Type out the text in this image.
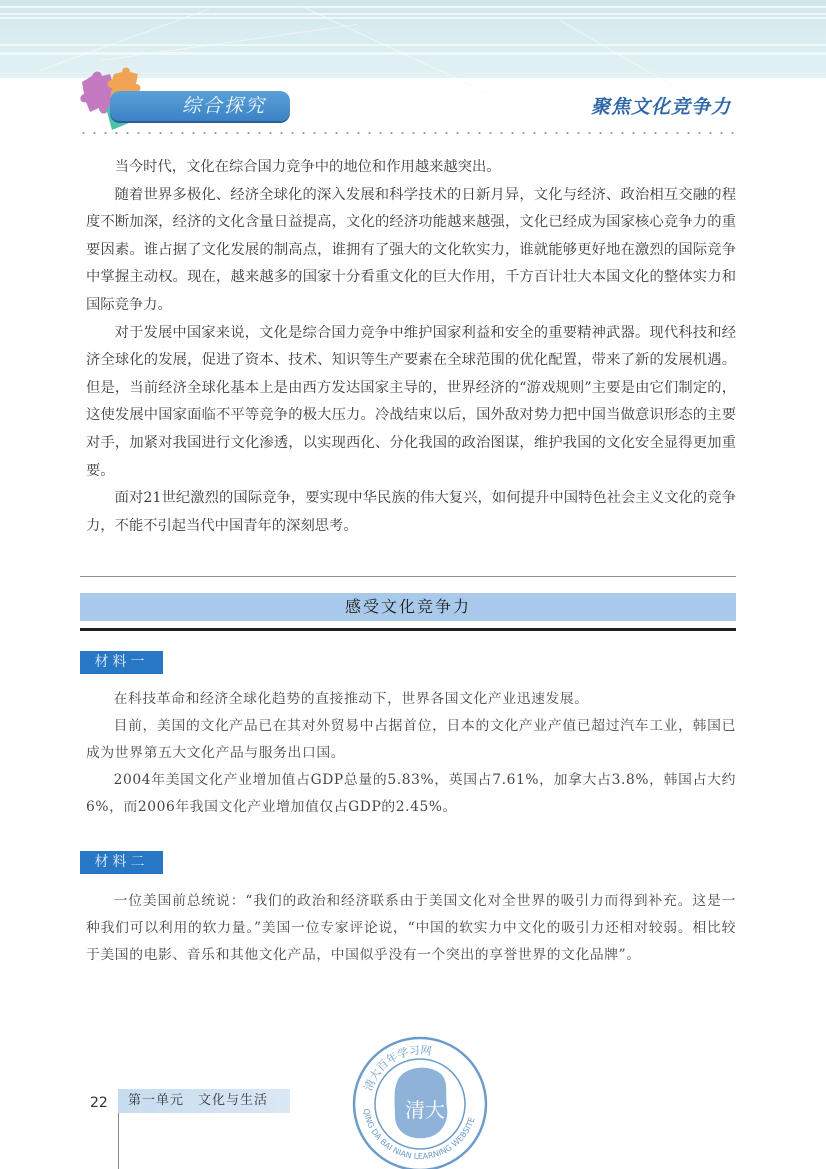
综合探究	聚焦文化竞争力

当今时代，文化在综合国力竞争中的地位和作用越来越突出。

随着世界多极化、经济全球化的深入发展和科学技术的日新月异，文化与经济、政治相互交融的程度不断加深，经济的文化含量日益提高，文化的经济功能越来越强，文化已经成为国家核心竞争力的重要因素。谁占据了文化发展的制高点，谁拥有了强大的文化软实力，谁就能够更好地在激烈的国际竞争中掌握主动权。现在，越来越多的国家十分看重文化的巨大作用，千方百计壮大本国文化的整体实力和国际竞争力。

对于发展中国家来说，文化是综合国力竞争中维护国家利益和安全的重要精神武器。现代科技和经济全球化的发展，促进了资本、技术、知识等生产要素在全球范围的优化配置，带来了新的发展机遇。但是，当前经济全球化基本上是由西方发达国家主导的，世界经济的“游戏规则”主要是由它们制定的，这使发展中国家面临不平等竞争的极大压力。冷战结束以后，国外敌对势力把中国当做意识形态的主要对手，加紧对我国进行文化渗透，以实现西化、分化我国的政治图谋，维护我国的文化安全显得更加重要。

面对21世纪激烈的国际竞争，要实现中华民族的伟大复兴，如何提升中国特色社会主义文化的竞争力，不能不引起当代中国青年的深刻思考。

感受文化竞争力
材料一

在科技革命和经济全球化趋势的直接推动下，世界各国文化产业迅速发展。

目前，美国的文化产品已在其对外贸易中占据首位，日本的文化产业产值已超过汽车工业，韩国已成为世界第五大文化产品与服务出口国。

2004年美国文化产业增加值占GDP总量的5.83%，英国占7.61%，加拿大占3.8%，韩国占大约6%，而2006年我国文化产业增加值仅占GDP的2.45%。

材料二

一位美国前总统说：“我们的政治和经济联系由于美国文化对全世界的吸引力而得到补充。这是一种我们可以利用的软力量。”美国一位专家评论说，“中国的软实力中文化的吸引力还相对较弱。相比较于美国的电影、音乐和其他文化产品，中国似乎没有一个突出的享誉世界的文化品牌”。

22	第一单元　文化与生活
清大百年学习网
QING DA BAI NIAN LEARNING WEBSITE
清大
